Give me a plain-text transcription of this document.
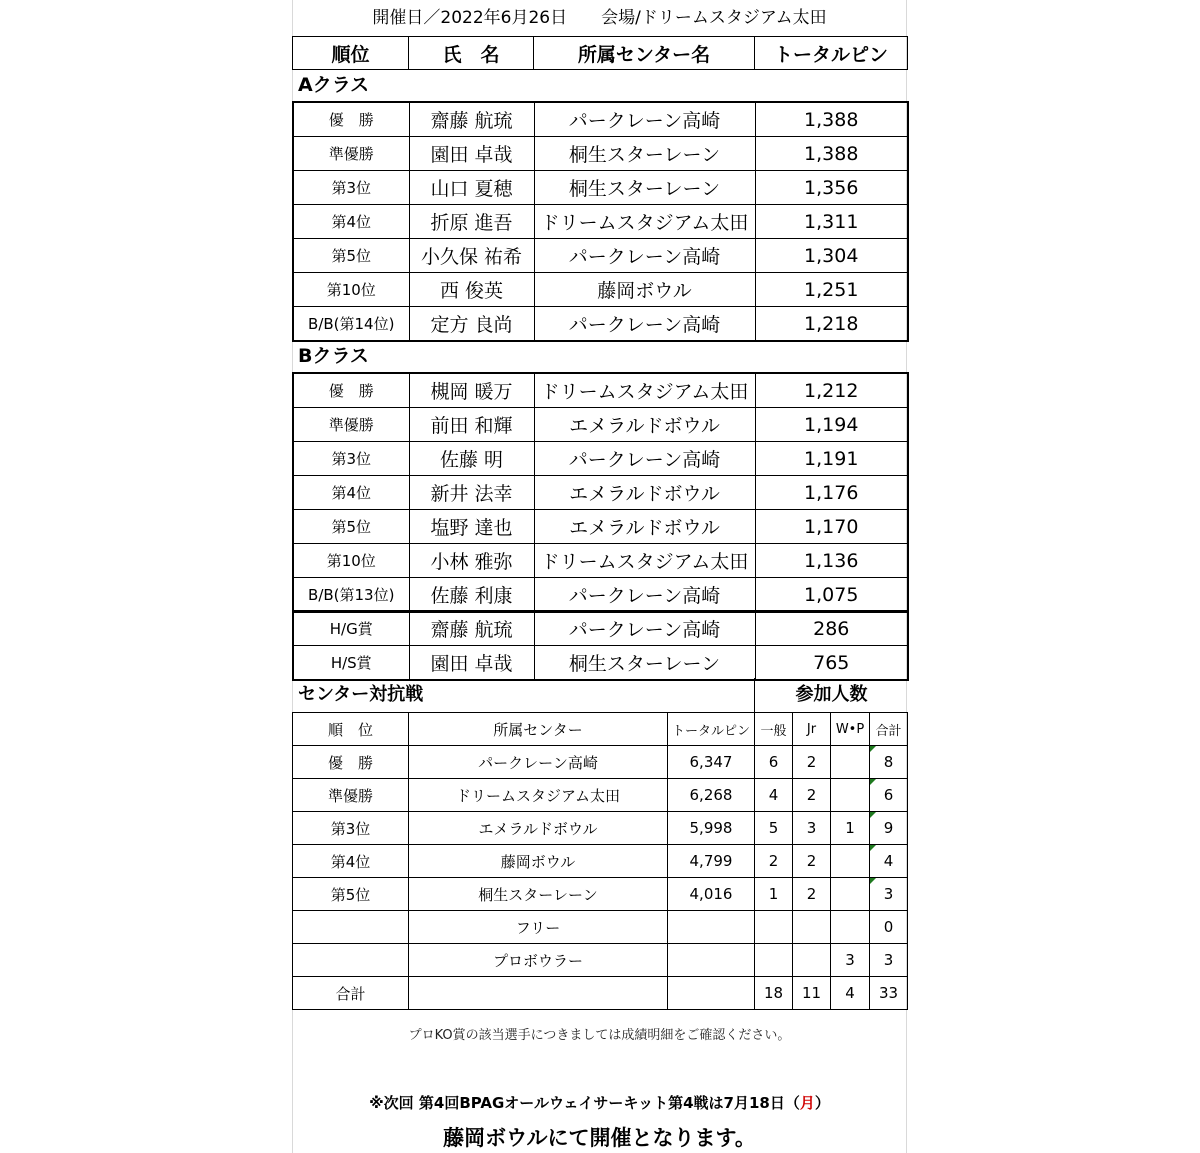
開催日／2022年6月26日　　会場/ドリームスタジアム太田
順位	氏　名	所属センター名	トータルピン
Aクラス
優　勝	齋藤 航琉	パークレーン高崎	1,388
準優勝	園田 卓哉	桐生スターレーン	1,388
第3位	山口 夏穂	桐生スターレーン	1,356
第4位	折原 進吾	ドリームスタジアム太田	1,311
第5位	小久保 祐希	パークレーン高崎	1,304
第10位	西 俊英	藤岡ボウル	1,251
B/B(第14位)	定方 良尚	パークレーン高崎	1,218
Bクラス
優　勝	槻岡 暖万	ドリームスタジアム太田	1,212
準優勝	前田 和輝	エメラルドボウル	1,194
第3位	佐藤 明	パークレーン高崎	1,191
第4位	新井 法幸	エメラルドボウル	1,176
第5位	塩野 達也	エメラルドボウル	1,170
第10位	小林 雅弥	ドリームスタジアム太田	1,136
B/B(第13位)	佐藤 利康	パークレーン高崎	1,075
H/G賞	齋藤 航琉	パークレーン高崎	286
H/S賞	園田 卓哉	桐生スターレーン	765
センター対抗戦	参加人数
順　位	所属センター	トータルピン	一般	Jr	W•P	合計
優　勝	パークレーン高崎	6,347	6	2		8
準優勝	ドリームスタジアム太田	6,268	4	2		6
第3位	エメラルドボウル	5,998	5	3	1	9
第4位	藤岡ボウル	4,799	2	2		4
第5位	桐生スターレーン	4,016	1	2		3
	フリー					0
	プロボウラー				3	3
合計			18	11	4	33
プロKO賞の該当選手につきましては成績明細をご確認ください。
※次回 第4回BPAGオールウェイサーキット第4戦は7月18日（月）
藤岡ボウルにて開催となります。
